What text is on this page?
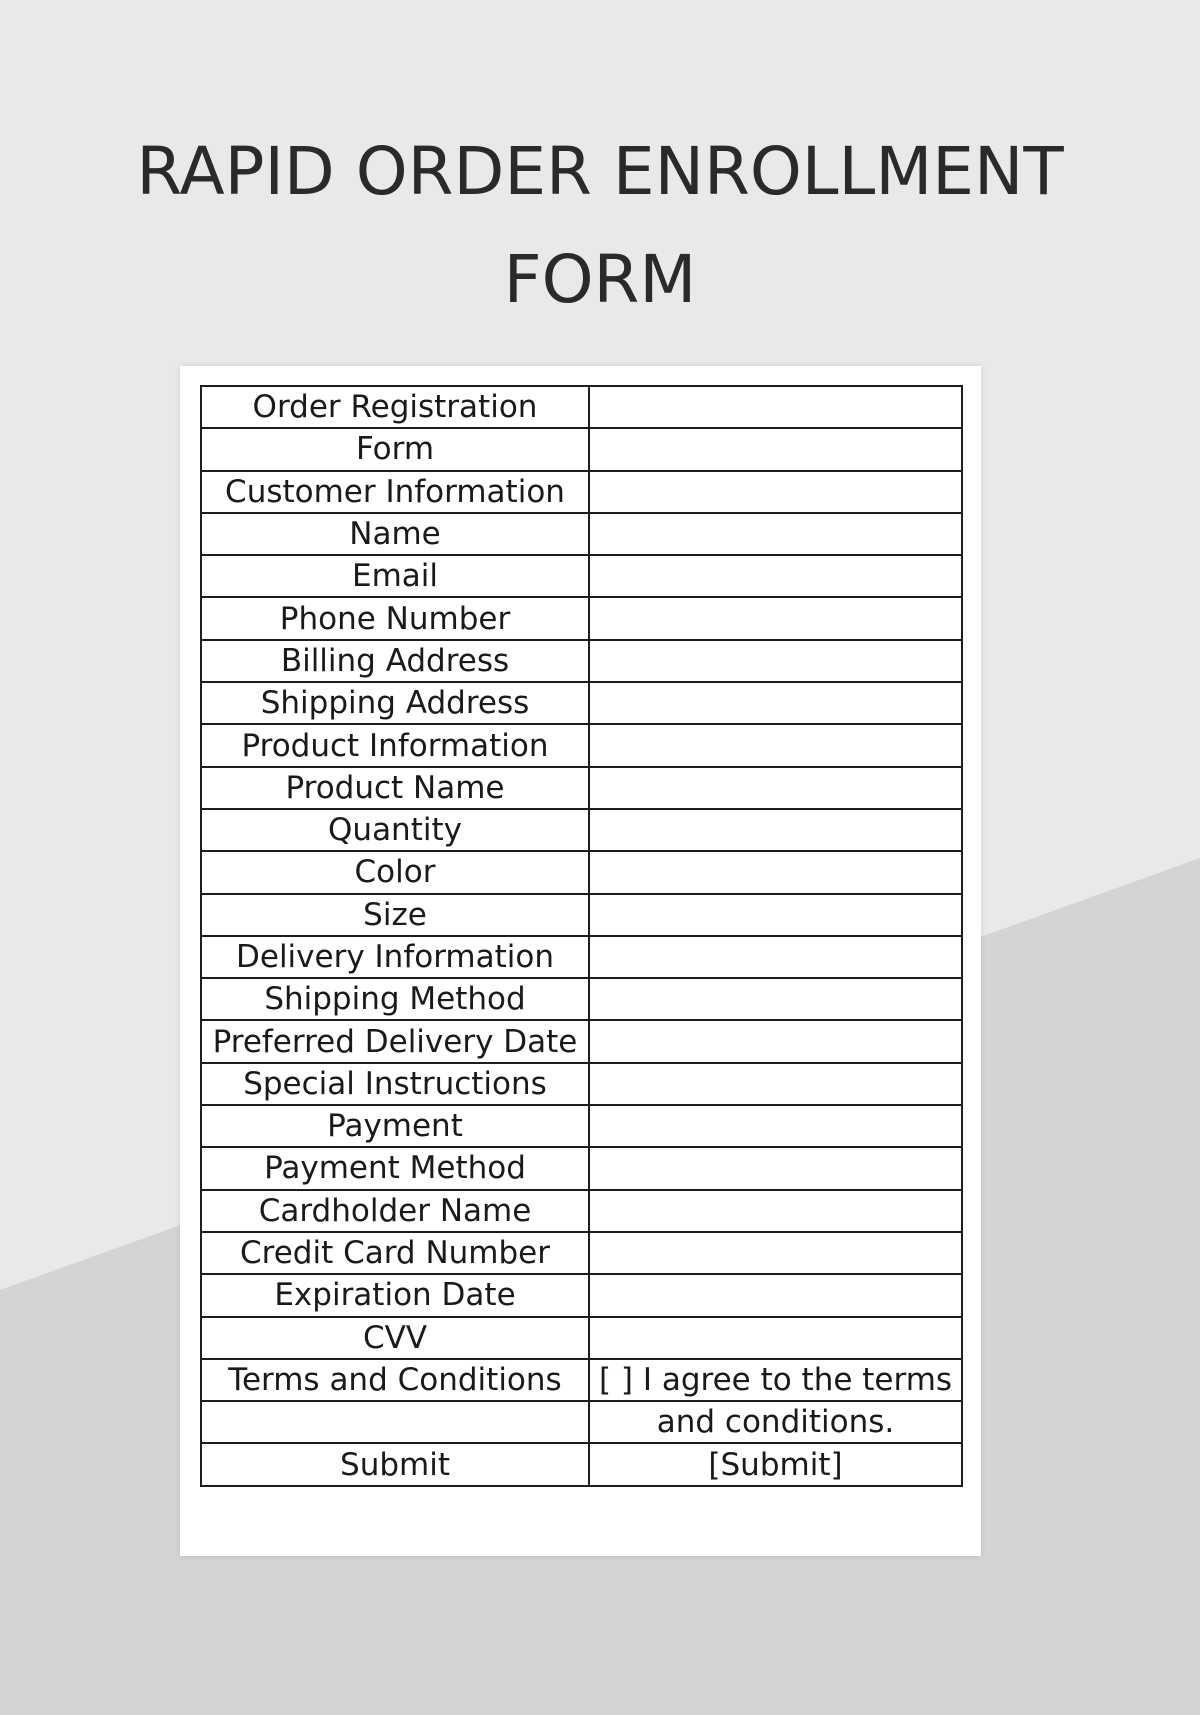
RAPID ORDER ENROLLMENT
FORM
Order Registration	
Form	
Customer Information	
Name	
Email	
Phone Number	
Billing Address	
Shipping Address	
Product Information	
Product Name	
Quantity	
Color	
Size	
Delivery Information	
Shipping Method	
Preferred Delivery Date	
Special Instructions	
Payment	
Payment Method	
Cardholder Name	
Credit Card Number	
Expiration Date	
CVV	
Terms and Conditions	[ ] I agree to the terms
	and conditions.
Submit	[Submit]
